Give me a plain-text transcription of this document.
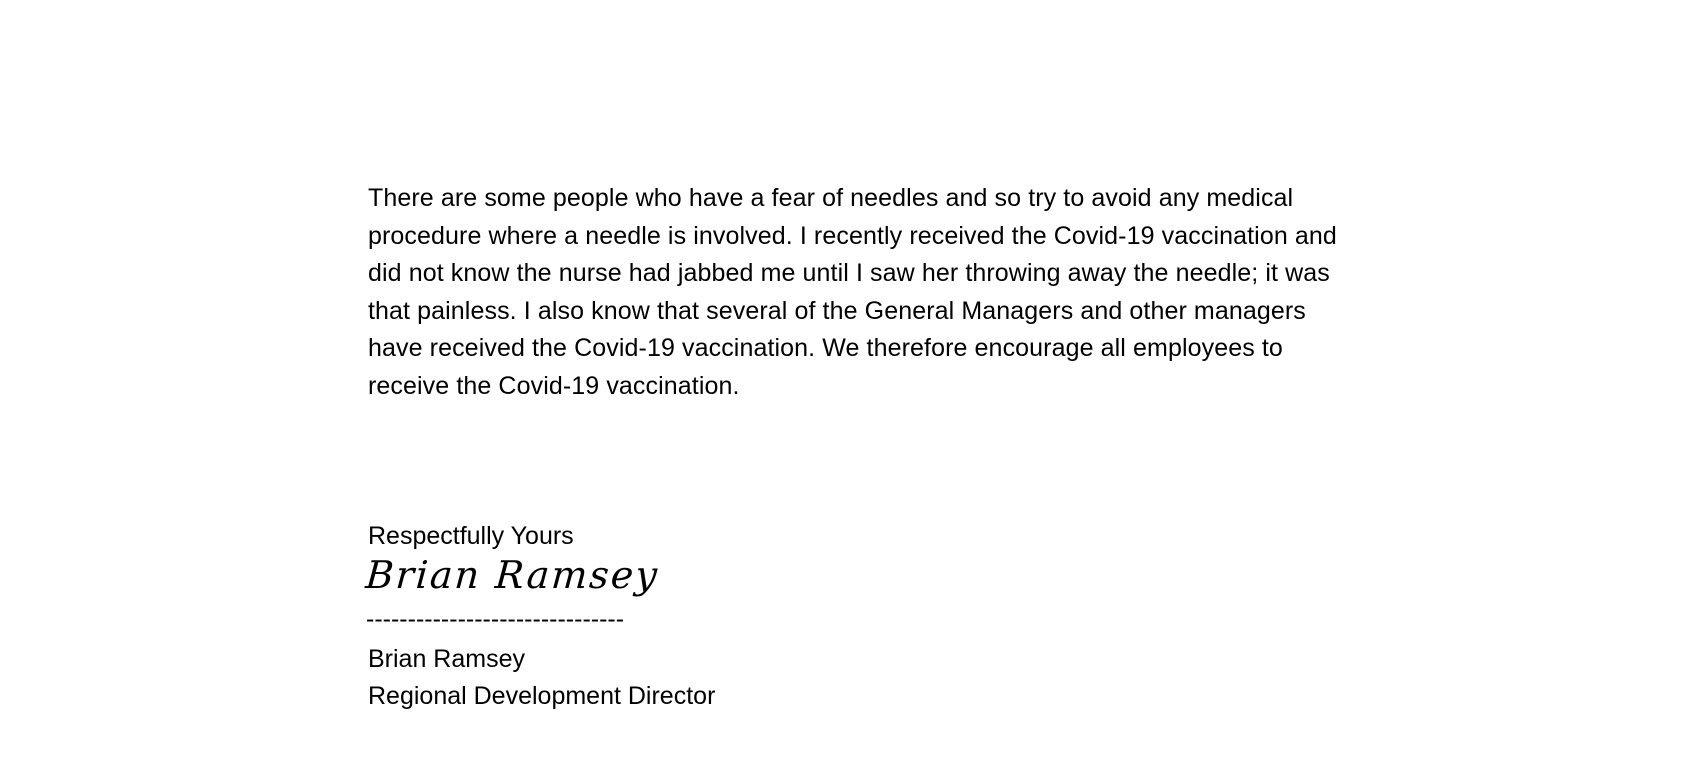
There are some people who have a fear of needles and so try to avoid any medical
procedure where a needle is involved. I recently received the Covid-19 vaccination and
did not know the nurse had jabbed me until I saw her throwing away the needle; it was
that painless. I also know that several of the General Managers and other managers
have received the Covid-19 vaccination. We therefore encourage all employees to
receive the Covid-19 vaccination.
Respectfully Yours
Brian Ramsey
-------------------------------
Brian Ramsey
Regional Development Director
